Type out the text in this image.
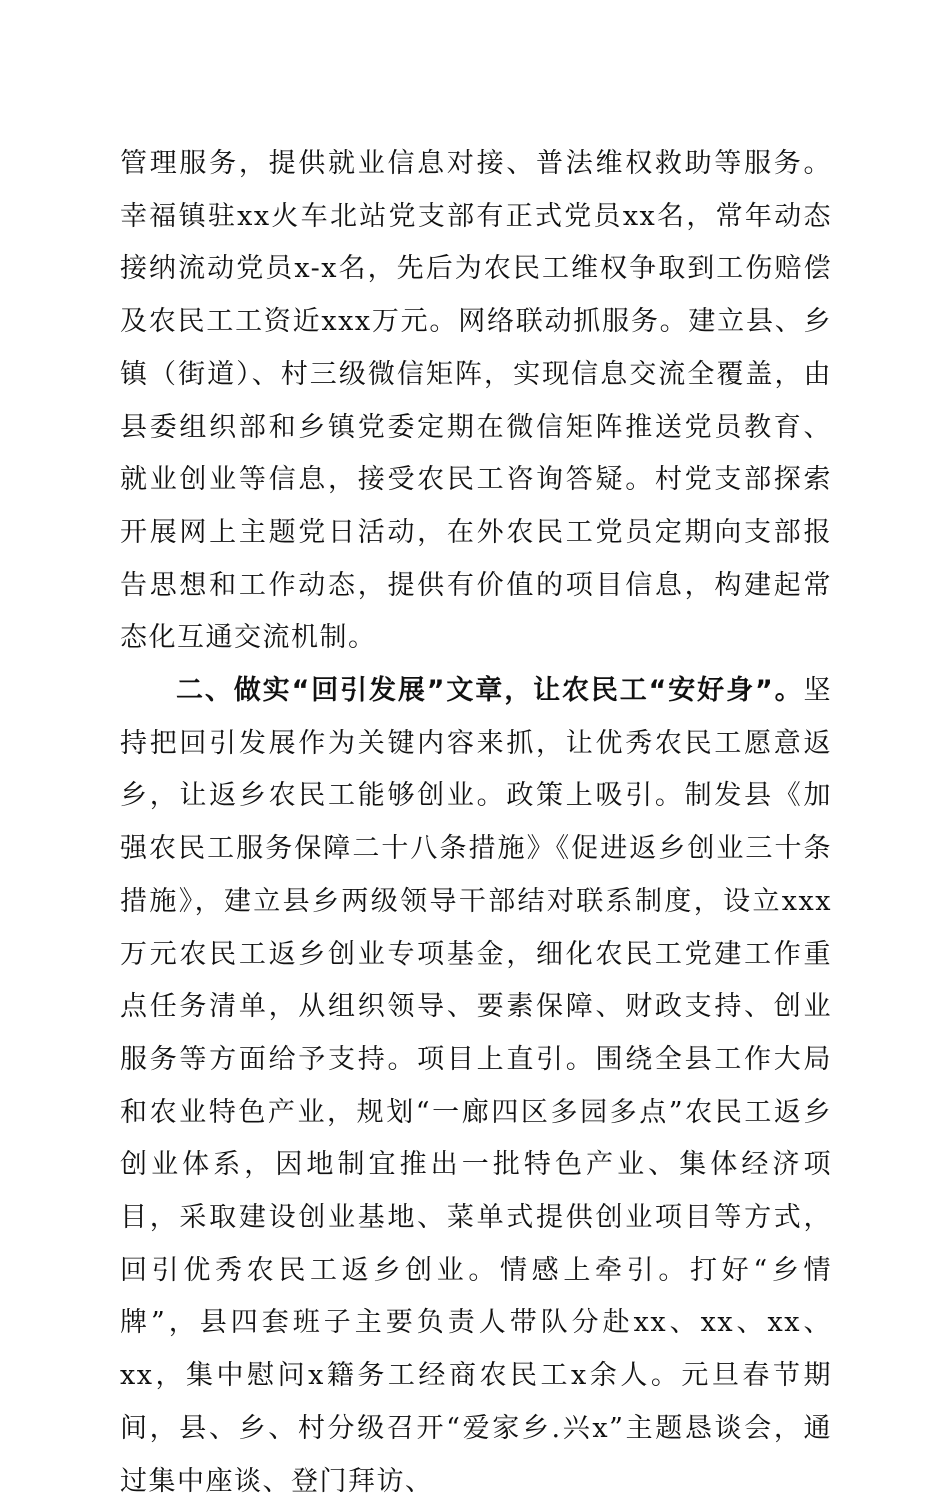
管理服务，提供就业信息对接、普法维权救助等服务。幸福镇驻xx火车北站党支部有正式党员xx名，常年动态接纳流动党员x-x名，先后为农民工维权争取到工伤赔偿及农民工工资近xxx万元。网络联动抓服务。建立县、乡镇（街道）、村三级微信矩阵，实现信息交流全覆盖，由县委组织部和乡镇党委定期在微信矩阵推送党员教育、就业创业等信息，接受农民工咨询答疑。村党支部探索开展网上主题党日活动，在外农民工党员定期向支部报告思想和工作动态，提供有价值的项目信息，构建起常态化互通交流机制。

二、做实“回引发展”文章，让农民工“安好身”。坚持把回引发展作为关键内容来抓，让优秀农民工愿意返乡，让返乡农民工能够创业。政策上吸引。制发县《加强农民工服务保障二十八条措施》《促进返乡创业三十条措施》，建立县乡两级领导干部结对联系制度，设立xxx万元农民工返乡创业专项基金，细化农民工党建工作重点任务清单，从组织领导、要素保障、财政支持、创业服务等方面给予支持。项目上直引。围绕全县工作大局和农业特色产业，规划“一廊四区多园多点”农民工返乡创业体系，因地制宜推出一批特色产业、集体经济项目，采取建设创业基地、菜单式提供创业项目等方式，回引优秀农民工返乡创业。情感上牵引。打好“乡情牌”，县四套班子主要负责人带队分赴xx、xx、xx、xx，集中慰问x籍务工经商农民工x余人。元旦春节期间，县、乡、村分级召开“爱家乡.兴x”主题恳谈会，通过集中座谈、登门拜访、
